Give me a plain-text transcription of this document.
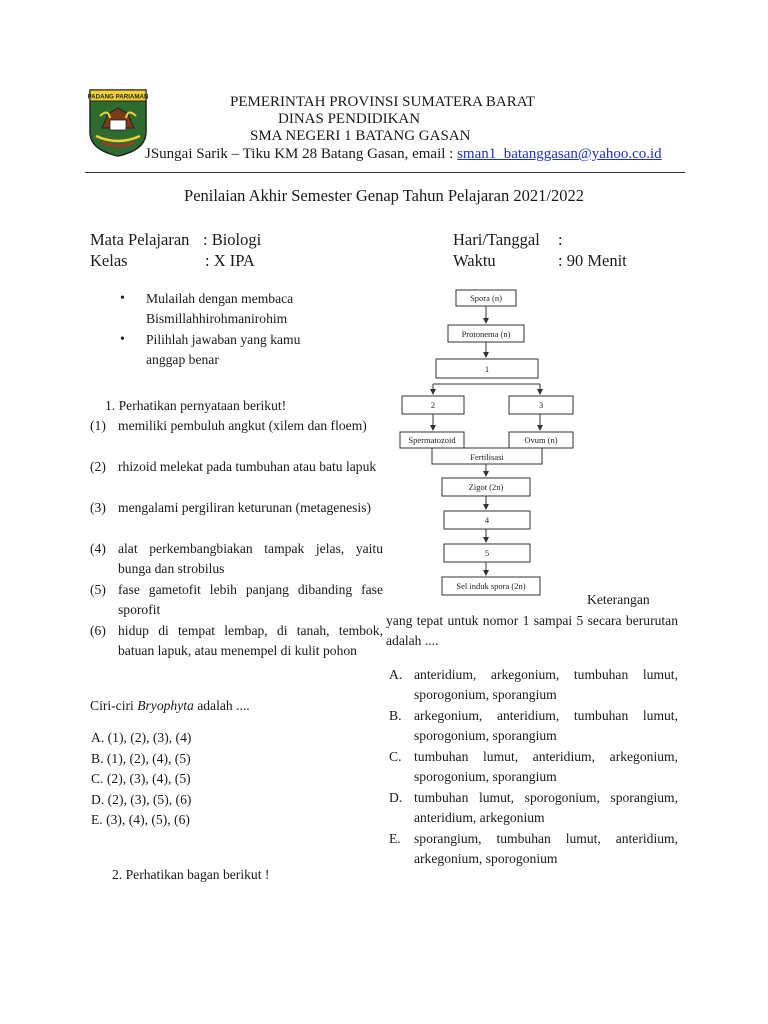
PADANG PARIAMAN	PEMERINTAH PROVINSI SUMATERA BARAT
DINAS PENDIDIKAN
SMA NEGERI 1 BATANG GASAN
JSungai Sarik – Tiku KM 28 Batang Gasan, email : sman1_batanggasan@yahoo.co.id
Penilaian Akhir Semester Genap Tahun Pelajaran 2021/2022
Mata Pelajaran : Biologi
Kelas	: X IPA
Hari/Tanggal :
Waktu	: 90 Menit
• Mulailah dengan membaca Bismillahhirohmanirohim
• Pilihlah jawaban yang kamu anggap benar
1. Perhatikan pernyataan berikut!
(1) memiliki pembuluh angkut (xilem dan floem)
(2) rhizoid melekat pada tumbuhan atau batu lapuk
(3) mengalami pergiliran keturunan (metagenesis)
(4) alat perkembangbiakan tampak jelas, yaitu bunga dan strobilus
(5) fase gametofit lebih panjang dibanding fase sporofit
(6) hidup di tempat lembap, di tanah, tembok, batuan lapuk, atau menempel di kulit pohon
Ciri-ciri Bryophyta adalah ....
A. (1), (2), (3), (4)
B. (1), (2), (4), (5)
C. (2), (3), (4), (5)
D. (2), (3), (5), (6)
E. (3), (4), (5), (6)
2. Perhatikan bagan berikut !
Spora (n)
Protonema (n)
1
2	3
Spermatozoid	Ovum (n)
Fertilisasi
Zigot (2n)
4
5
Sel induk spora (2n)
Keterangan
yang tepat untuk nomor 1 sampai 5 secara berurutan adalah ....
A. anteridium, arkegonium, tumbuhan lumut, sporogonium, sporangium
B. arkegonium, anteridium, tumbuhan lumut, sporogonium, sporangium
C. tumbuhan lumut, anteridium, arkegonium, sporogonium, sporangium
D. tumbuhan lumut, sporogonium, sporangium, anteridium, arkegonium
E. sporangium, tumbuhan lumut, anteridium, arkegonium, sporogonium
